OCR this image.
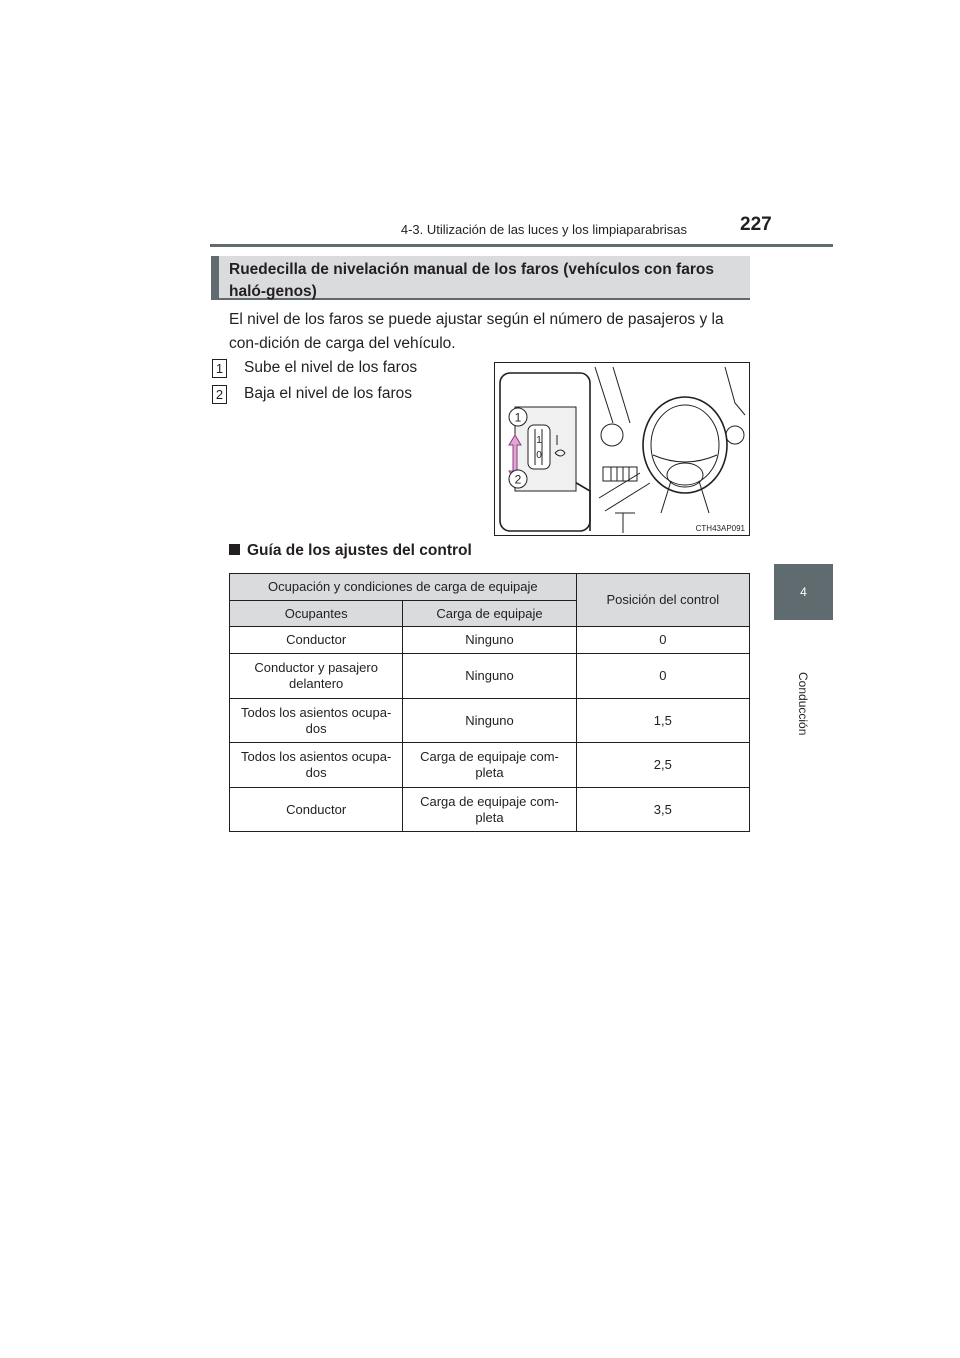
4-3. Utilización de las luces y los limpiaparabrisas	227
4
Conducción
Ruedecilla de nivelación manual de los faros (vehículos con faros haló-genos)
El nivel de los faros se puede ajustar según el número de pasajeros y la con-dición de carga del vehículo.
1 Sube el nivel de los faros
2 Baja el nivel de los faros
1
2
1
0
CTH43AP091
Guía de los ajustes del control
Ocupación y condiciones de carga de equipaje		Posición del control
Ocupantes	Carga de equipaje	
Conductor	Ninguno	0
Conductor y pasajero delantero	Ninguno	0
Todos los asientos ocupa-dos	Ninguno	1,5
Todos los asientos ocupa-dos	Carga de equipaje com-pleta	2,5
Conductor	Carga de equipaje com-pleta	3,5
